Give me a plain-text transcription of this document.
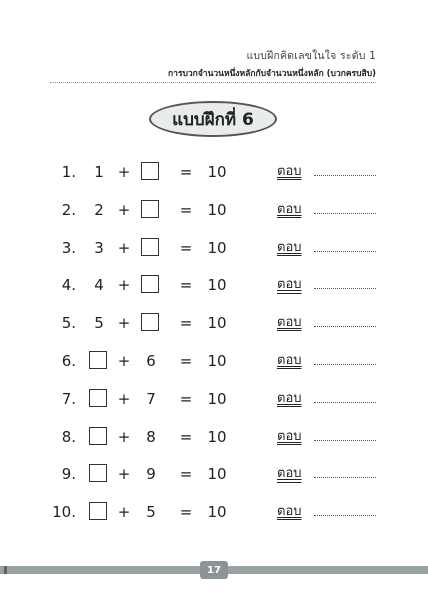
แบบฝึกคิดเลขในใจ ระดับ 1
การบวกจำนวนหนึ่งหลักกับจำนวนหนึ่งหลัก (บวกครบสิบ)
แบบฝึกที่ 6
1.	1 +	= 10	ตอบ
2.	2 +	= 10	ตอบ
3.	3 +	= 10	ตอบ
4.	4 +	= 10	ตอบ
5.	5 +	= 10	ตอบ
6.	+	6	= 10	ตอบ
7.	+	7	= 10	ตอบ
8.	+	8	= 10	ตอบ
9.	+	9	= 10	ตอบ
10.	+	5	= 10	ตอบ
17
